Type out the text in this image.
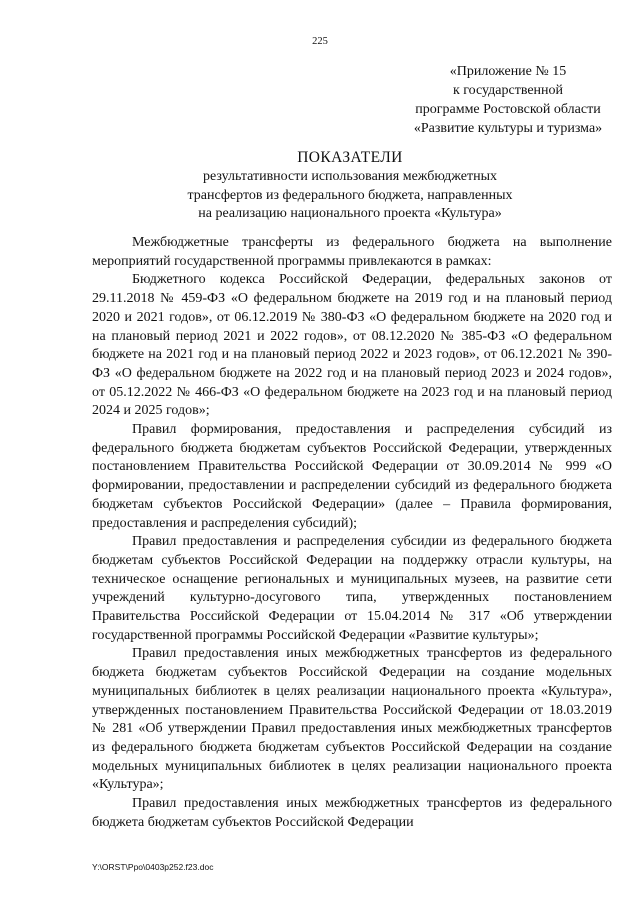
225
«Приложение № 15
к государственной
программе Ростовской области
«Развитие культуры и туризма»
ПОКАЗАТЕЛИ
результативности использования межбюджетных
трансфертов из федерального бюджета, направленных
на реализацию национального проекта «Культура»

Межбюджетные трансферты из федерального бюджета на выполнение мероприятий государственной программы привлекаются в рамках:

Бюджетного кодекса Российской Федерации, федеральных законов от 29.11.2018 № 459-ФЗ «О федеральном бюджете на 2019 год и на плановый период 2020 и 2021 годов», от 06.12.2019 № 380-ФЗ «О федеральном бюджете на 2020 год и на плановый период 2021 и 2022 годов», от 08.12.2020 № 385-ФЗ «О федеральном бюджете на 2021 год и на плановый период 2022 и 2023 годов», от 06.12.2021 № 390-ФЗ «О федеральном бюджете на 2022 год и на плановый период 2023 и 2024 годов», от 05.12.2022 № 466-ФЗ «О федеральном бюджете на 2023 год и на плановый период 2024 и 2025 годов»;

Правил формирования, предоставления и распределения субсидий из федерального бюджета бюджетам субъектов Российской Федерации, утвержденных постановлением Правительства Российской Федерации от 30.09.2014 № 999 «О формировании, предоставлении и распределении субсидий из федерального бюджета бюджетам субъектов Российской Федерации» (далее – Правила формирования, предоставления и распределения субсидий);

Правил предоставления и распределения субсидии из федерального бюджета бюджетам субъектов Российской Федерации на поддержку отрасли культуры, на техническое оснащение региональных и муниципальных музеев, на развитие сети учреждений культурно-досугового типа, утвержденных постановлением Правительства Российской Федерации от 15.04.2014 № 317 «Об утверждении государственной программы Российской Федерации «Развитие культуры»;

Правил предоставления иных межбюджетных трансфертов из федерального бюджета бюджетам субъектов Российской Федерации на создание модельных муниципальных библиотек в целях реализации национального проекта «Культура», утвержденных постановлением Правительства Российской Федерации от 18.03.2019 № 281 «Об утверждении Правил предоставления иных межбюджетных трансфертов из федерального бюджета бюджетам субъектов Российской Федерации на создание модельных муниципальных библиотек в целях реализации национального проекта «Культура»;

Правил предоставления иных межбюджетных трансфертов из федерального бюджета бюджетам субъектов Российской Федерации

Y:\ORST\Ppo\0403p252.f23.doc
